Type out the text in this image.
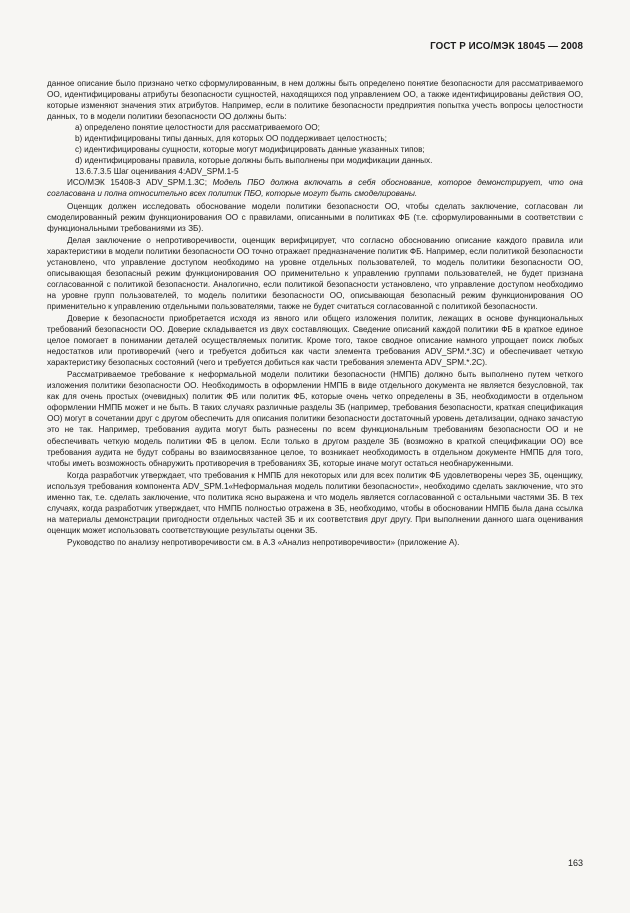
ГОСТ Р ИСО/МЭК 18045 — 2008

данное описание было признано четко сформулированным, в нем должны быть определено понятие безопасности для рассматриваемого ОО, идентифицированы атрибуты безопасности сущностей, находящихся под управлением ОО, а также идентифицированы действия ОО, которые изменяют значения этих атрибутов. Например, если в политике безопасности предприятия попытка учесть вопросы целостности данных, то в модели политики безопасности ОО должны быть:

a) определено понятие целостности для рассматриваемого ОО;

b) идентифицированы типы данных, для которых ОО поддерживает целостность;

c) идентифицированы сущности, которые могут модифицировать данные указанных типов;

d) идентифицированы правила, которые должны быть выполнены при модификации данных.

13.6.7.3.5 Шаг оценивания 4:ADV_SPM.1-5

ИСО/МЭК 15408-3 ADV_SPM.1.3C; Модель ПБО должна включать в себя обоснование, которое демонстрирует, что она согласована и полна относительно всех политик ПБО, которые могут быть смоделированы.

Оценщик должен исследовать обоснование модели политики безопасности ОО, чтобы сделать заключение, согласован ли смоделированный режим функционирования ОО с правилами, описанными в политиках ФБ (т.е. сформулированными в соответствии с функциональными требованиями из ЗБ).

Делая заключение о непротиворечивости, оценщик верифицирует, что согласно обоснованию описание каждого правила или характеристики в модели политики безопасности ОО точно отражает предназначение политик ФБ. Например, если политикой безопасности установлено, что управление доступом необходимо на уровне отдельных пользователей, то модель политики безопасности ОО, описывающая безопасный режим функционирования ОО применительно к управлению группами пользователей, не будет признана согласованной с политикой безопасности. Аналогично, если политикой безопасности установлено, что управление доступом необходимо на уровне групп пользователей, то модель политики безопасности ОО, описывающая безопасный режим функционирования ОО применительно к управлению отдельными пользователями, также не будет считаться согласованной с политикой безопасности.

Доверие к безопасности приобретается исходя из явного или общего изложения политик, лежащих в основе функциональных требований безопасности ОО. Доверие складывается из двух составляющих. Сведение описаний каждой политики ФБ в краткое единое целое помогает в понимании деталей осуществляемых политик. Кроме того, такое сводное описание намного упрощает поиск любых недостатков или противоречий (чего и требуется добиться как части элемента требования ADV_SPM.*.3C) и обеспечивает четкую характеристику безопасных состояний (чего и требуется добиться как части требования элемента ADV_SPM.*.2C).

Рассматриваемое требование к неформальной модели политики безопасности (НМПБ) должно быть выполнено путем четкого изложения политики безопасности ОО. Необходимость в оформлении НМПБ в виде отдельного документа не является безусловной, так как для очень простых (очевидных) политик ФБ или политик ФБ, которые очень четко определены в ЗБ, необходимости в отдельном оформлении НМПБ может и не быть. В таких случаях различные разделы ЗБ (например, требования безопасности, краткая спецификация ОО) могут в сочетании друг с другом обеспечить для описания политики безопасности достаточный уровень детализации, однако зачастую это не так. Например, требования аудита могут быть разнесены по всем функциональным требованиям безопасности ОО и не обеспечивать четкую модель политики ФБ в целом. Если только в другом разделе ЗБ (возможно в краткой спецификации ОО) все требования аудита не будут собраны во взаимосвязанное целое, то возникает необходимость в отдельном документе НМПБ для того, чтобы иметь возможность обнаружить противоречия в требованиях ЗБ, которые иначе могут остаться необнаруженными.

Когда разработчик утверждает, что требования к НМПБ для некоторых или для всех политик ФБ удовлетворены через ЗБ, оценщику, используя требования компонента ADV_SPM.1«Неформальная модель политики безопасности», необходимо сделать заключение, что это именно так, т.е. сделать заключение, что политика ясно выражена и что модель является согласованной с остальными частями ЗБ. В тех случаях, когда разработчик утверждает, что НМПБ полностью отражена в ЗБ, необходимо, чтобы в обосновании НМПБ была дана ссылка на материалы демонстрации пригодности отдельных частей ЗБ и их соответствия друг другу. При выполнении данного шага оценивания оценщик может использовать соответствующие результаты оценки ЗБ.

Руководство по анализу непротиворечивости см. в А.3 «Анализ непротиворечивости» (приложение А).

163
